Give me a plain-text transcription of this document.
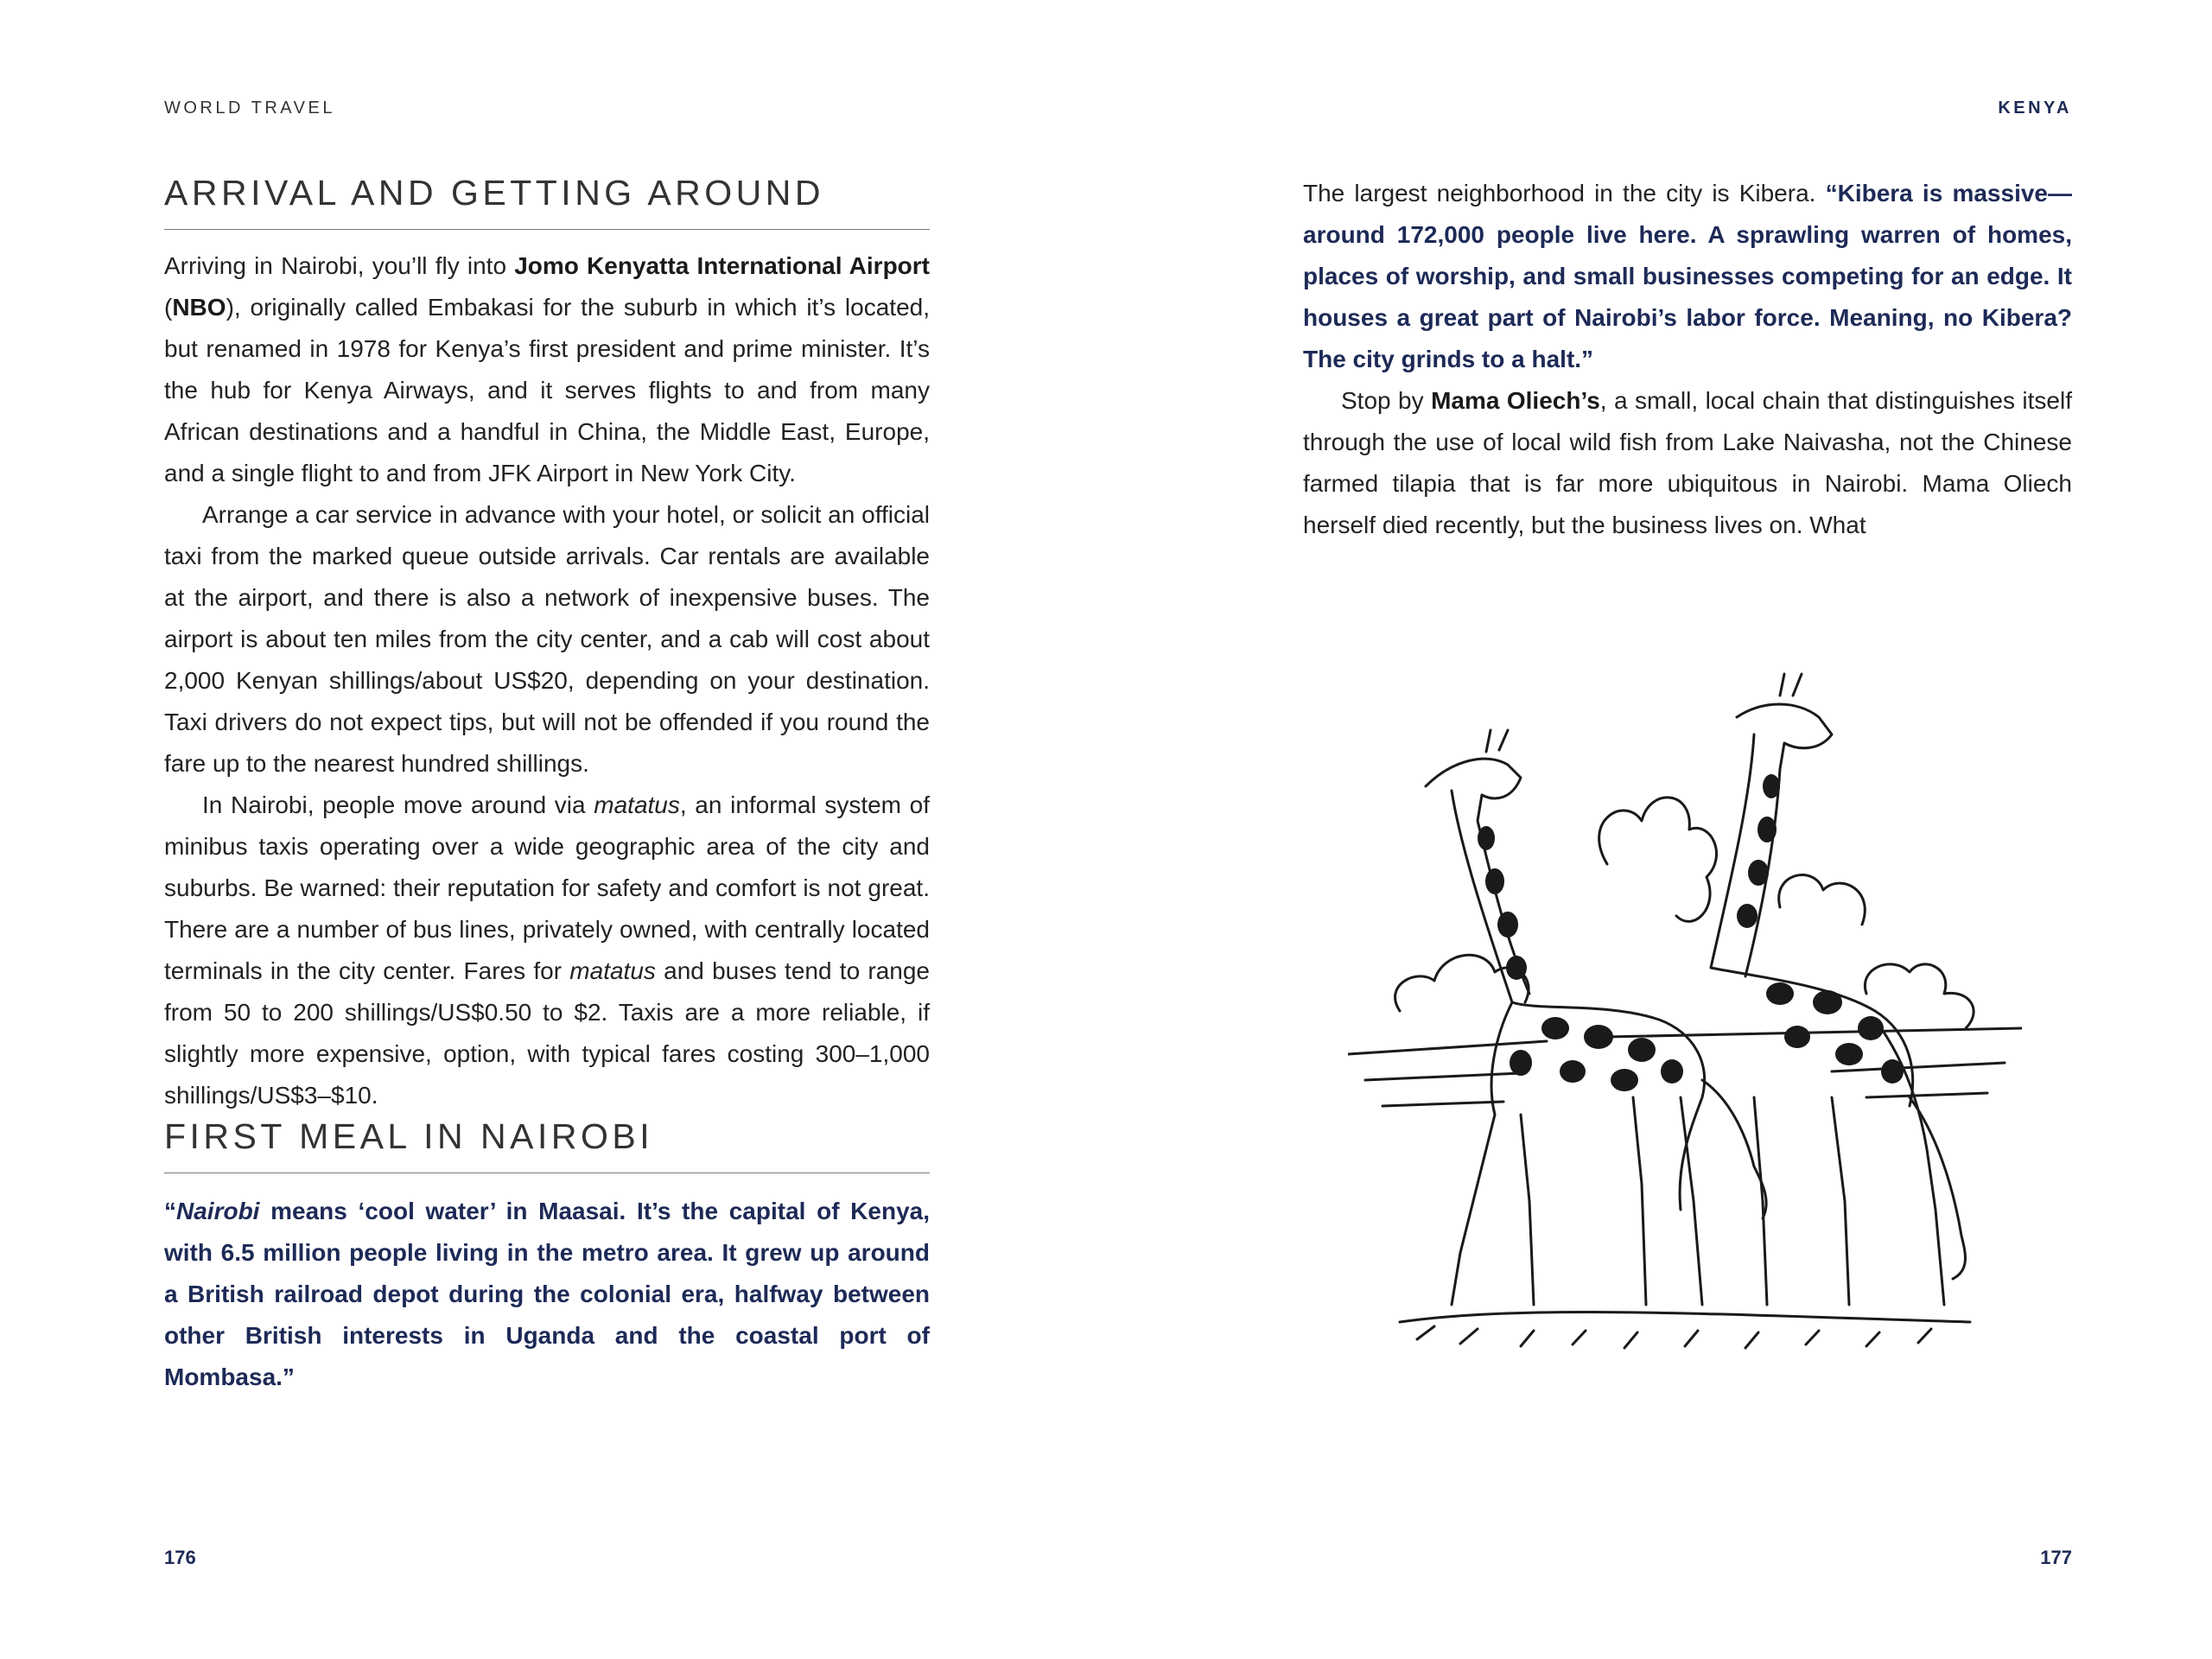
WORLD TRAVEL	KENYA
ARRIVAL AND GETTING AROUND

Arriving in Nairobi, you’ll fly into Jomo Kenyatta International Airport (NBO), originally called Embakasi for the suburb in which it’s located, but renamed in 1978 for Kenya’s first president and prime minister. It’s the hub for Kenya Airways, and it serves flights to and from many African destinations and a handful in China, the Middle East, Europe, and a single flight to and from JFK Airport in New York City.

Arrange a car service in advance with your hotel, or solicit an official taxi from the marked queue outside arrivals. Car rentals are available at the airport, and there is also a network of inexpensive buses. The airport is about ten miles from the city center, and a cab will cost about 2,000 Kenyan shillings/about US$20, depending on your destination. Taxi drivers do not expect tips, but will not be offended if you round the fare up to the nearest hundred shillings.

In Nairobi, people move around via matatus, an informal system of minibus taxis operating over a wide geographic area of the city and suburbs. Be warned: their reputation for safety and comfort is not great. There are a number of bus lines, privately owned, with centrally located terminals in the city center. Fares for matatus and buses tend to range from 50 to 200 shillings/US$0.50 to $2. Taxis are a more reliable, if slightly more expensive, option, with typical fares costing 300–1,000 shillings/US$3–$10.

FIRST MEAL IN NAIROBI

“Nairobi means ‘cool water’ in Maasai. It’s the capital of Kenya, with 6.5 million people living in the metro area. It grew up around a British railroad depot during the colonial era, halfway between other British interests in Uganda and the coastal port of Mombasa.”

The largest neighborhood in the city is Kibera. “Kibera is massive—around 172,000 people live here. A sprawling warren of homes, places of worship, and small businesses competing for an edge. It houses a great part of Nairobi’s labor force. Meaning, no Kibera? The city grinds to a halt.”

Stop by Mama Oliech’s, a small, local chain that distinguishes itself through the use of local wild fish from Lake Naivasha, not the Chinese farmed tilapia that is far more ubiquitous in Nairobi. Mama Oliech herself died recently, but the business lives on. What

176	177
